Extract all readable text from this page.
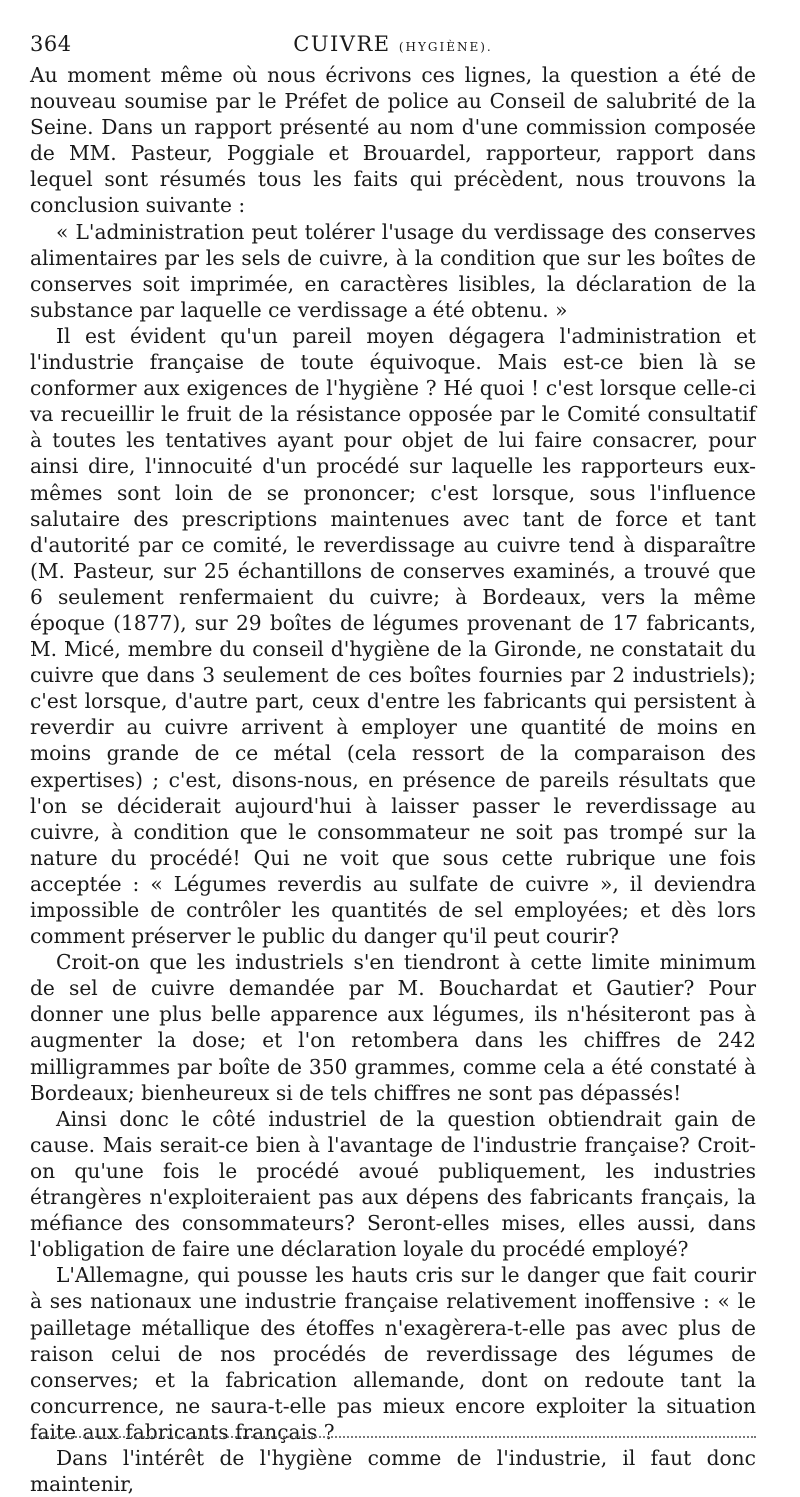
364	CUIVRE (HYGIÈNE).

Au moment même où nous écrivons ces lignes, la question a été de nouveau soumise par le Préfet de police au Conseil de salubrité de la Seine. Dans un rapport présenté au nom d'une commission composée de MM. Pasteur, Poggiale et Brouardel, rapporteur, rapport dans lequel sont résumés tous les faits qui précèdent, nous trouvons la conclusion suivante :

« L'administration peut tolérer l'usage du verdissage des conserves alimentaires par les sels de cuivre, à la condition que sur les boîtes de conserves soit imprimée, en caractères lisibles, la déclaration de la substance par laquelle ce verdissage a été obtenu. »

Il est évident qu'un pareil moyen dégagera l'administration et l'industrie française de toute équivoque. Mais est-ce bien là se conformer aux exigences de l'hygiène ? Hé quoi ! c'est lorsque celle-ci va recueillir le fruit de la résistance opposée par le Comité consultatif à toutes les tentatives ayant pour objet de lui faire consacrer, pour ainsi dire, l'innocuité d'un procédé sur laquelle les rapporteurs eux-mêmes sont loin de se prononcer; c'est lorsque, sous l'influence salutaire des prescriptions maintenues avec tant de force et tant d'autorité par ce comité, le reverdissage au cuivre tend à disparaître (M. Pasteur, sur 25 échantillons de conserves examinés, a trouvé que 6 seulement renfermaient du cuivre; à Bordeaux, vers la même époque (1877), sur 29 boîtes de légumes provenant de 17 fabricants, M. Micé, membre du conseil d'hygiène de la Gironde, ne constatait du cuivre que dans 3 seulement de ces boîtes fournies par 2 industriels); c'est lorsque, d'autre part, ceux d'entre les fabricants qui persistent à reverdir au cuivre arrivent à employer une quantité de moins en moins grande de ce métal (cela ressort de la comparaison des expertises) ; c'est, disons-nous, en présence de pareils résultats que l'on se déciderait aujourd'hui à laisser passer le reverdissage au cuivre, à condition que le consommateur ne soit pas trompé sur la nature du procédé! Qui ne voit que sous cette rubrique une fois acceptée : « Légumes reverdis au sulfate de cuivre », il deviendra impossible de contrôler les quantités de sel employées; et dès lors comment préserver le public du danger qu'il peut courir?

Croit-on que les industriels s'en tiendront à cette limite minimum de sel de cuivre demandée par M. Bouchardat et Gautier? Pour donner une plus belle apparence aux légumes, ils n'hésiteront pas à augmenter la dose; et l'on retombera dans les chiffres de 242 milligrammes par boîte de 350 grammes, comme cela a été constaté à Bordeaux; bienheureux si de tels chiffres ne sont pas dépassés!

Ainsi donc le côté industriel de la question obtiendrait gain de cause. Mais serait-ce bien à l'avantage de l'industrie française? Croit-on qu'une fois le procédé avoué publiquement, les industries étrangères n'exploiteraient pas aux dépens des fabricants français, la méfiance des consommateurs? Seront-elles mises, elles aussi, dans l'obligation de faire une déclaration loyale du procédé employé?

L'Allemagne, qui pousse les hauts cris sur le danger que fait courir à ses nationaux une industrie française relativement inoffensive : « le pailletage métallique des étoffes n'exagèrera-t-elle pas avec plus de raison celui de nos procédés de reverdissage des légumes de conserves; et la fabrication allemande, dont on redoute tant la concurrence, ne saura-t-elle pas mieux encore exploiter la situation faite aux fabricants français ?

Dans l'intérêt de l'hygiène comme de l'industrie, il faut donc maintenir,
